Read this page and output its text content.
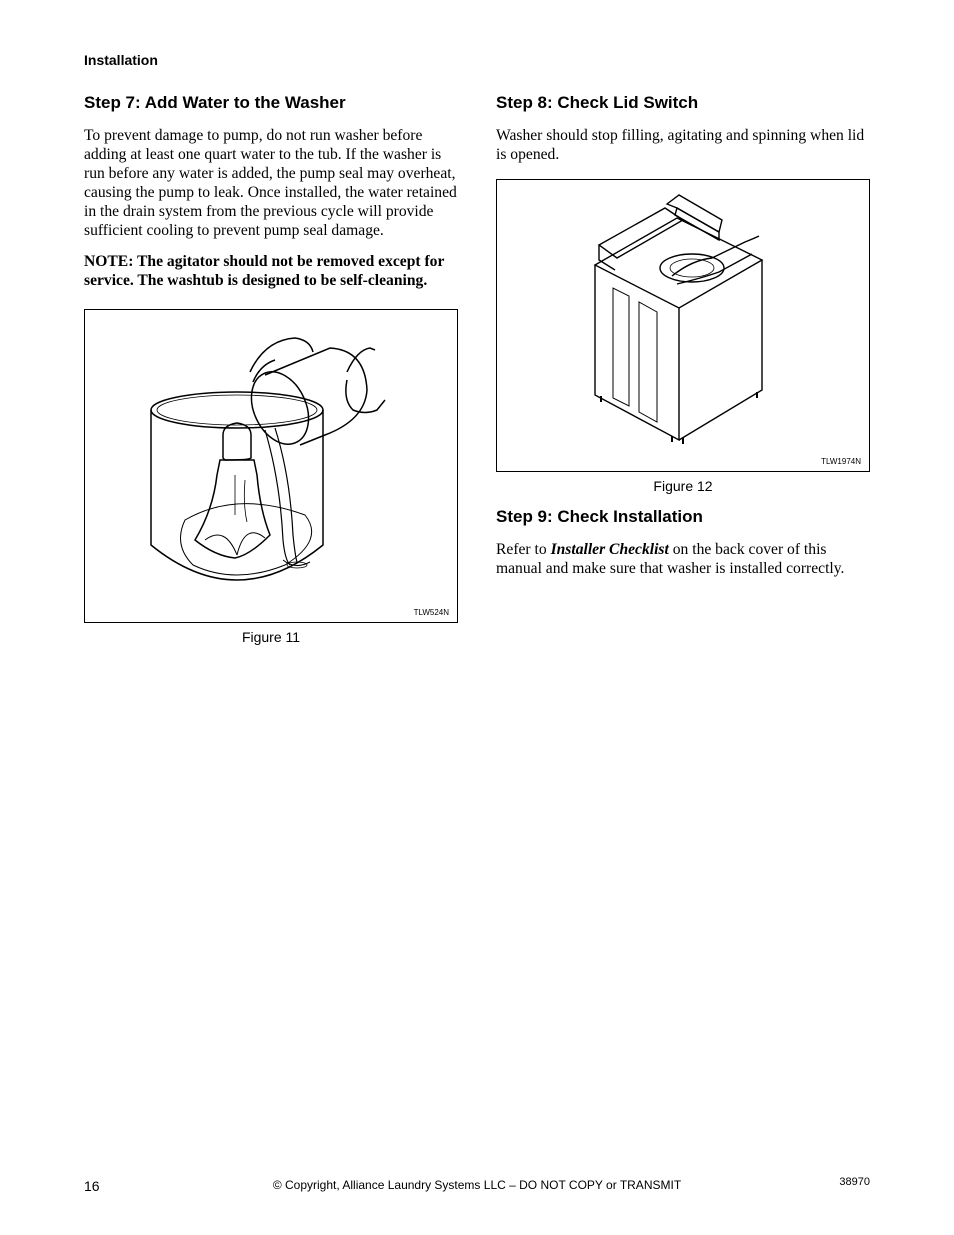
Installation
Step 7: Add Water to the Washer

To prevent damage to pump, do not run washer before adding at least one quart water to the tub. If the washer is run before any water is added, the pump seal may overheat, causing the pump to leak. Once installed, the water retained in the drain system from the previous cycle will provide sufficient cooling to prevent pump seal damage.

NOTE: The agitator should not be removed except for service. The washtub is designed to be self-cleaning.

TLW524N
Figure 11
Step 8: Check Lid Switch

Washer should stop filling, agitating and spinning when lid is opened.

TLW1974N
Figure 12
Step 9: Check Installation

Refer to Installer Checklist on the back cover of this manual and make sure that washer is installed correctly.

16	© Copyright, Alliance Laundry Systems LLC – DO NOT COPY or TRANSMIT	38970
